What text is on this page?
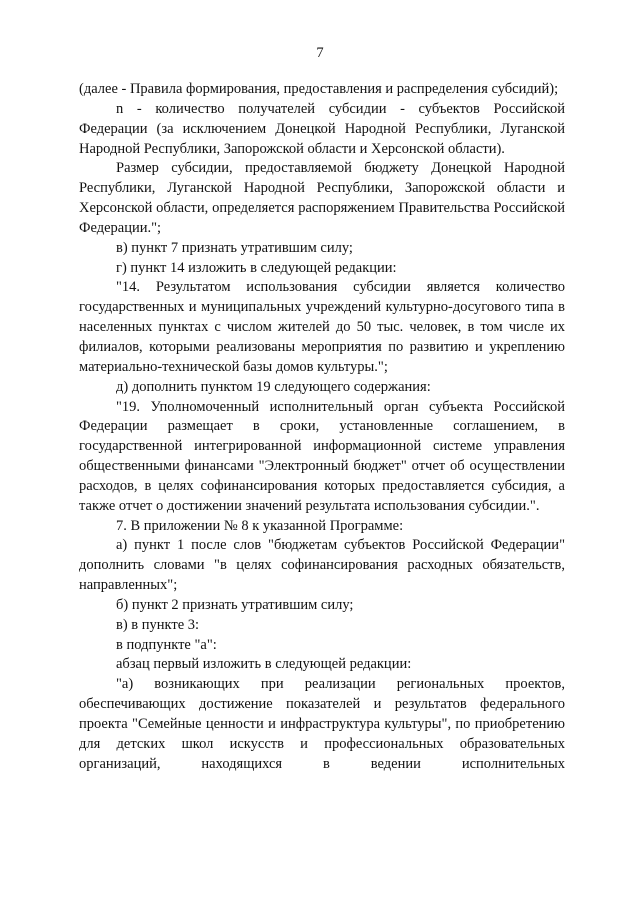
7

(далее - Правила формирования, предоставления и распределения субсидий);

n - количество получателей субсидии - субъектов Российской Федерации (за исключением Донецкой Народной Республики, Луганской Народной Республики, Запорожской области и Херсонской области).

Размер субсидии, предоставляемой бюджету Донецкой Народной Республики, Луганской Народной Республики, Запорожской области и Херсонской области, определяется распоряжением Правительства Российской Федерации.";

в) пункт 7 признать утратившим силу;

г) пункт 14 изложить в следующей редакции:

"14. Результатом использования субсидии является количество государственных и муниципальных учреждений культурно-досугового типа в населенных пунктах с числом жителей до 50 тыс. человек, в том числе их филиалов, которыми реализованы мероприятия по развитию и укреплению материально-технической базы домов культуры.";

д) дополнить пунктом 19 следующего содержания:

"19. Уполномоченный исполнительный орган субъекта Российской Федерации размещает в сроки, установленные соглашением, в государственной интегрированной информационной системе управления общественными финансами "Электронный бюджет" отчет об осуществлении расходов, в целях софинансирования которых предоставляется субсидия, а также отчет о достижении значений результата использования субсидии.".

7. В приложении № 8 к указанной Программе:

а) пункт 1 после слов "бюджетам субъектов Российской Федерации" дополнить словами "в целях софинансирования расходных обязательств, направленных";

б) пункт 2 признать утратившим силу;

в) в пункте 3:

в подпункте "а":

абзац первый изложить в следующей редакции:

"а) возникающих при реализации региональных проектов, обеспечивающих достижение показателей и результатов федерального проекта "Семейные ценности и инфраструктура культуры", по приобретению для детских школ искусств и профессиональных образовательных организаций, находящихся в ведении исполнительных
